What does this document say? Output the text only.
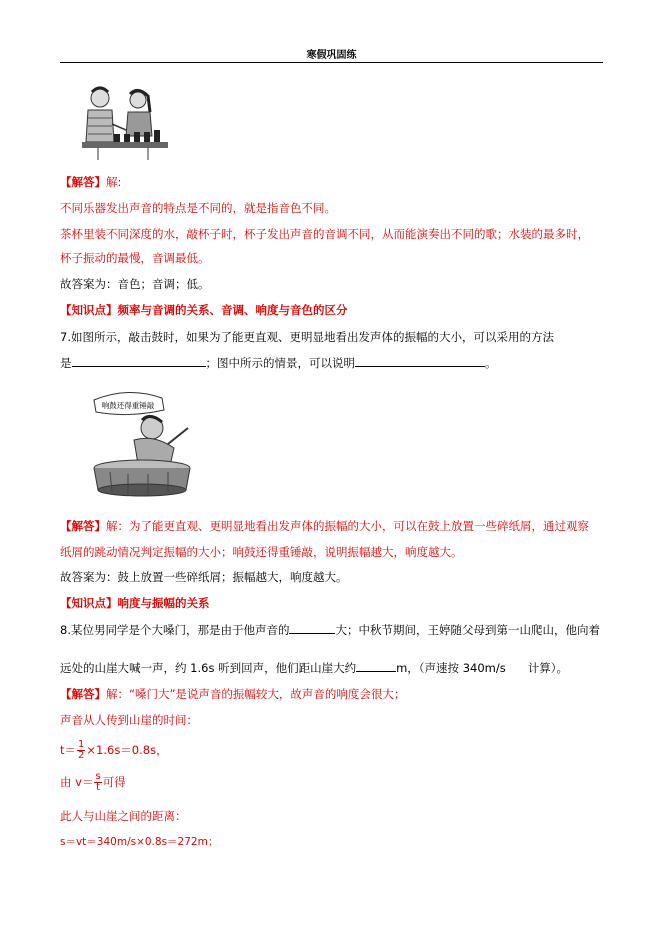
寒假巩固练
【解答】解:
不同乐器发出声音的特点是不同的，就是指音色不同。
茶杯里装不同深度的水，敲杯子时，杯子发出声音的音调不同，从而能演奏出不同的歌；水装的最多时，
杯子振动的最慢，音调最低。
故答案为：音色；音调；低。
【知识点】频率与音调的关系、音调、响度与音色的区分
7.如图所示，敲击鼓时，如果为了能更直观、更明显地看出发声体的振幅的大小，可以采用的方法
是	；图中所示的情景，可以说明	。
响鼓还得重锤敲
【解答】解：为了能更直观、更明显地看出发声体的振幅的大小，可以在鼓上放置一些碎纸屑，通过观察
纸屑的跳动情况判定振幅的大小；响鼓还得重锤敲，说明振幅越大，响度越大。
故答案为：鼓上放置一些碎纸屑；振幅越大，响度越大。
【知识点】响度与振幅的关系
8.某位男同学是个大嗓门，那是由于他声音的	大；中秋节期间，王婷随父母到第一山爬山，他向着
远处的山崖大喊一声，约 1.6s 听到回声，他们距山崖大约	m，（声速按 340m/s 计算）。
【解答】解：“嗓门大”是说声音的振幅较大，故声音的响度会很大；
声音从人传到山崖的时间：
$t= \frac{1}{2} \times 1.6s=0.8s$，
由 $v= \frac{s}{t}$ 可得
此人与山崖之间的距离：
s＝vt＝340m/s×0.8s＝272m；
